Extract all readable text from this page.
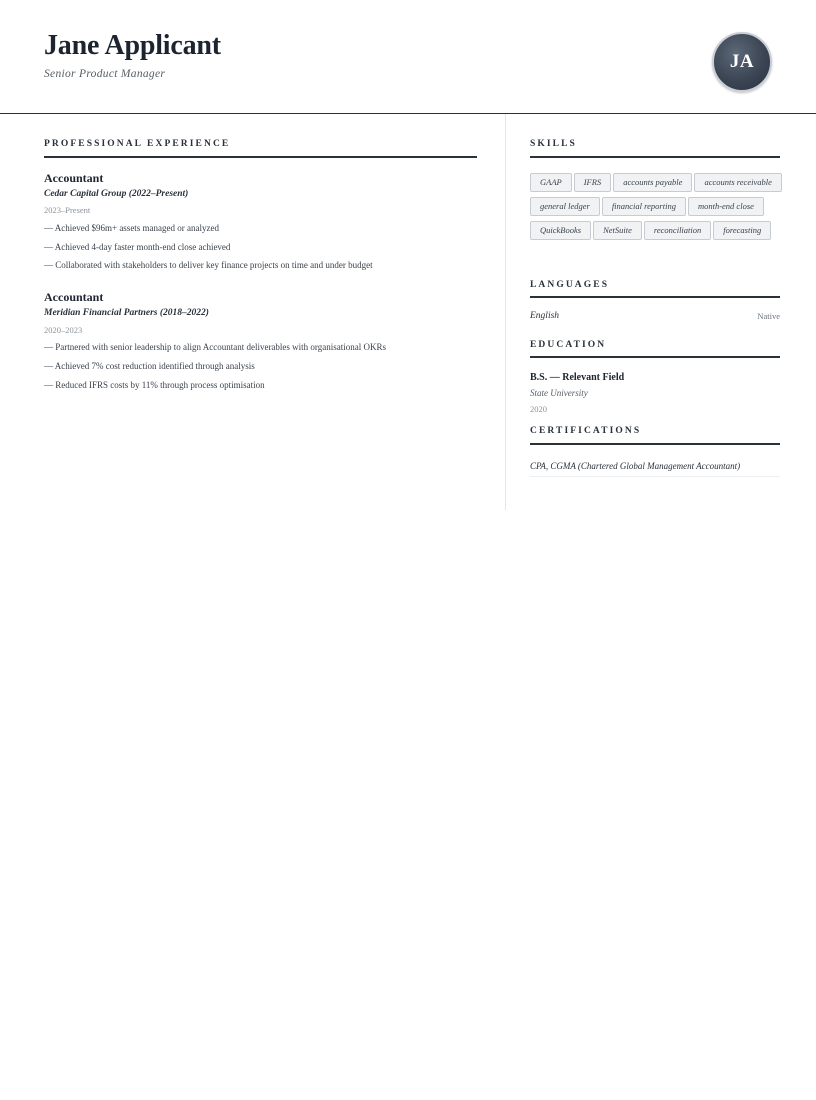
Jane Applicant
Senior Product Manager
JA
PROFESSIONAL EXPERIENCE
Accountant
Cedar Capital Group (2022–Present)
2023–Present
— Achieved $96m+ assets managed or analyzed
— Achieved 4-day faster month-end close achieved
— Collaborated with stakeholders to deliver key finance projects on time and under budget
Accountant
Meridian Financial Partners (2018–2022)
2020–2023
— Partnered with senior leadership to align Accountant deliverables with organisational OKRs
— Achieved 7% cost reduction identified through analysis
— Reduced IFRS costs by 11% through process optimisation
SKILLS
GAAP	IFRS	accounts payable	accounts receivable
general ledger	financial reporting	month-end close
QuickBooks	NetSuite	reconciliation	forecasting
LANGUAGES
English	Native
EDUCATION
B.S. — Relevant Field
State University
2020
CERTIFICATIONS
CPA, CGMA (Chartered Global Management Accountant)
